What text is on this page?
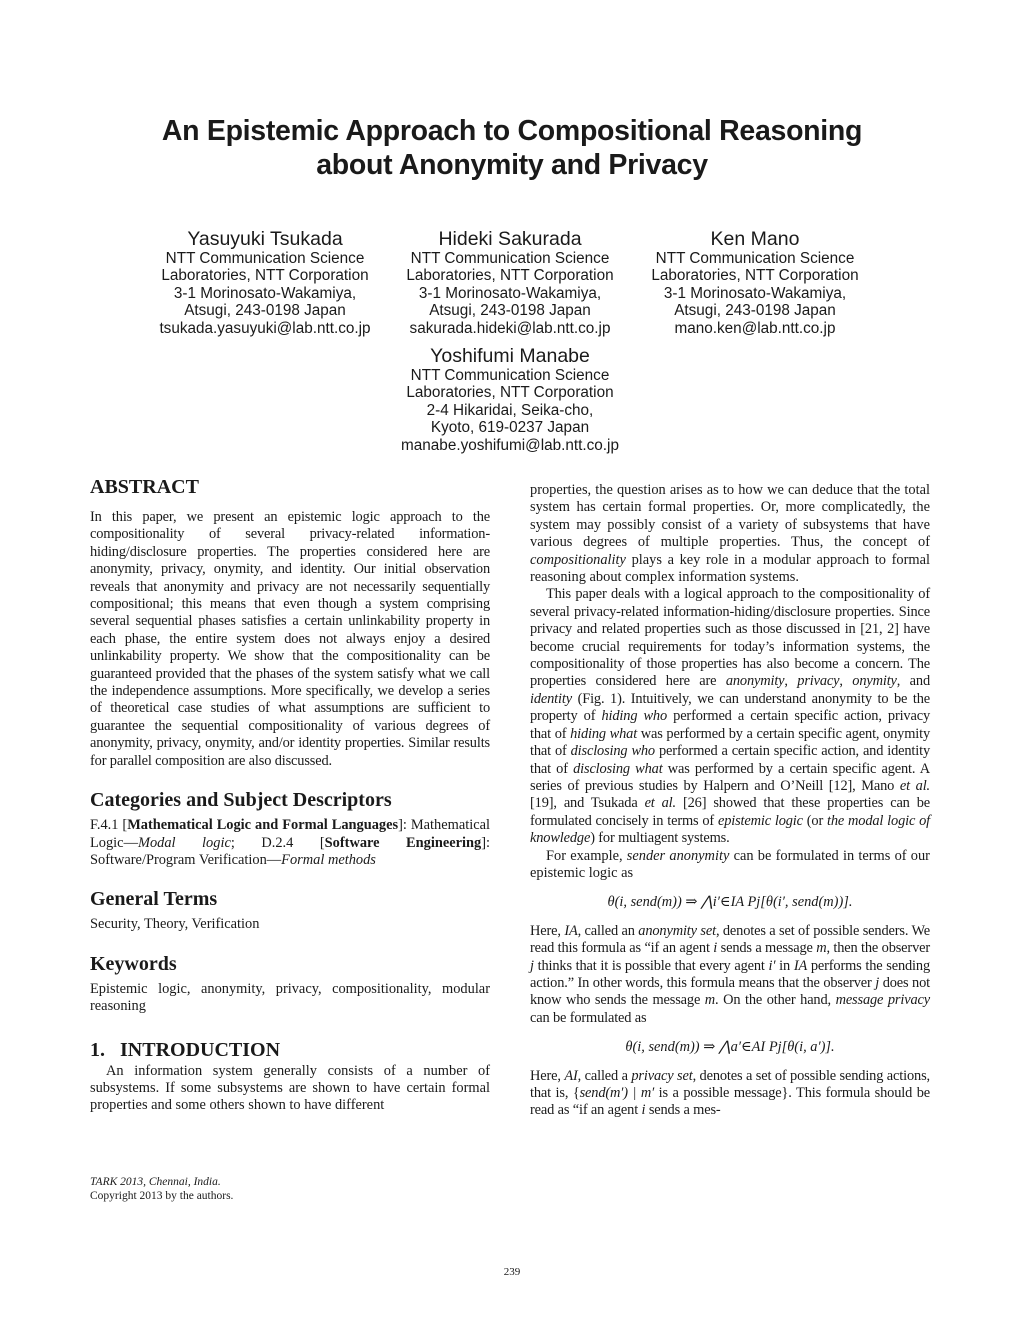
An Epistemic Approach to Compositional Reasoning
about Anonymity and Privacy
Yasuyuki Tsukada
NTT Communication Science
Laboratories, NTT Corporation
3-1 Morinosato-Wakamiya,
Atsugi, 243-0198 Japan
tsukada.yasuyuki@lab.ntt.co.jp
Hideki Sakurada
NTT Communication Science
Laboratories, NTT Corporation
3-1 Morinosato-Wakamiya,
Atsugi, 243-0198 Japan
sakurada.hideki@lab.ntt.co.jp
Ken Mano
NTT Communication Science
Laboratories, NTT Corporation
3-1 Morinosato-Wakamiya,
Atsugi, 243-0198 Japan
mano.ken@lab.ntt.co.jp
Yoshifumi Manabe
NTT Communication Science
Laboratories, NTT Corporation
2-4 Hikaridai, Seika-cho,
Kyoto, 619-0237 Japan
manabe.yoshifumi@lab.ntt.co.jp
ABSTRACT

In this paper, we present an epistemic logic approach to the compositionality of several privacy-related information-hiding/disclosure properties. The properties considered here are anonymity, privacy, onymity, and identity. Our initial observation reveals that anonymity and privacy are not necessarily sequentially compositional; this means that even though a system comprising several sequential phases satisfies a certain unlinkability property in each phase, the entire system does not always enjoy a desired unlinkability property. We show that the compositionality can be guaranteed provided that the phases of the system satisfy what we call the independence assumptions. More specifically, we develop a series of theoretical case studies of what assumptions are sufficient to guarantee the sequential compositionality of various degrees of anonymity, privacy, onymity, and/or identity properties. Similar results for parallel composition are also discussed.

Categories and Subject Descriptors

F.4.1 [Mathematical Logic and Formal Languages]: Mathematical Logic—Modal logic; D.2.4 [Software Engineering]: Software/Program Verification—Formal methods

General Terms

Security, Theory, Verification

Keywords

Epistemic logic, anonymity, privacy, compositionality, modular reasoning

1.   INTRODUCTION

An information system generally consists of a number of subsystems. If some subsystems are shown to have certain formal properties and some others shown to have different

properties, the question arises as to how we can deduce that the total system has certain formal properties. Or, more complicatedly, the system may possibly consist of a variety of subsystems that have various degrees of multiple properties. Thus, the concept of compositionality plays a key role in a modular approach to formal reasoning about complex information systems.

This paper deals with a logical approach to the compositionality of several privacy-related information-hiding/disclosure properties. Since privacy and related properties such as those discussed in [21, 2] have become crucial requirements for today’s information systems, the compositionality of those properties has also become a concern. The properties considered here are anonymity, privacy, onymity, and identity (Fig. 1). Intuitively, we can understand anonymity to be the property of hiding who performed a certain specific action, privacy that of hiding what was performed by a certain specific agent, onymity that of disclosing who performed a certain specific action, and identity that of disclosing what was performed by a certain specific agent. A series of previous studies by Halpern and O’Neill [12], Mano et al. [19], and Tsukada et al. [26] showed that these properties can be formulated concisely in terms of epistemic logic (or the modal logic of knowledge) for multiagent systems.

For example, sender anonymity can be formulated in terms of our epistemic logic as

θ(i, send(m)) ⇒ ⋀i′∈IA Pj[θ(i′, send(m))].

Here, IA, called an anonymity set, denotes a set of possible senders. We read this formula as “if an agent i sends a message m, then the observer j thinks that it is possible that every agent i′ in IA performs the sending action.” In other words, this formula means that the observer j does not know who sends the message m. On the other hand, message privacy can be formulated as

θ(i, send(m)) ⇒ ⋀a′∈AI Pj[θ(i, a′)].

Here, AI, called a privacy set, denotes a set of possible sending actions, that is, {send(m′) | m′ is a possible message}. This formula should be read as “if an agent i sends a mes-

TARK 2013, Chennai, India.
Copyright 2013 by the authors.
239
